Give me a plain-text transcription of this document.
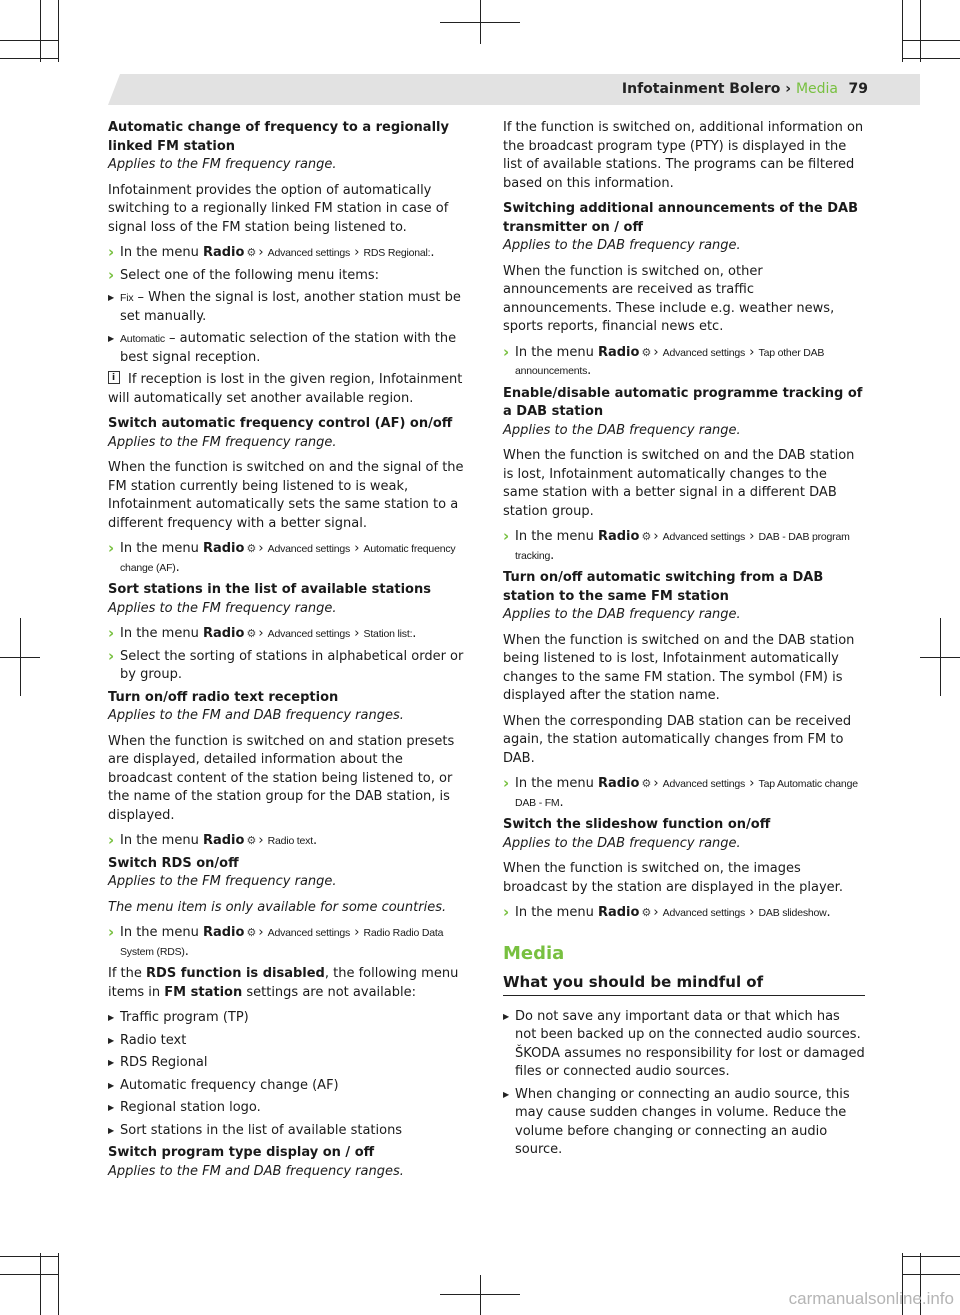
Infotainment Bolero › Media 79

Automatic change of frequency to a regionally linked FM station

Applies to the FM frequency range.

Infotainment provides the option of automatically switching to a regionally linked FM station in case of signal loss of the FM station being listened to.

› In the menu Radio ⚙ › Advanced settings › RDS Regional:.

› Select one of the following menu items:

▶ Fix – When the signal is lost, another station must be set manually.

▶ Automatic – automatic selection of the station with the best signal reception.

iIf reception is lost in the given region, Infotainment will automatically set another available region.

Switch automatic frequency control (AF) on/off

Applies to the FM frequency range.

When the function is switched on and the signal of the FM station currently being listened to is weak, Infotainment automatically sets the same station to a different frequency with a better signal.

› In the menu Radio ⚙ › Advanced settings › Automatic frequency change (AF).

Sort stations in the list of available stations

Applies to the FM frequency range.

› In the menu Radio ⚙ › Advanced settings › Station list:.

› Select the sorting of stations in alphabetical order or by group.

Turn on/off radio text reception

Applies to the FM and DAB frequency ranges.

When the function is switched on and station presets are displayed, detailed information about the broadcast content of the station being listened to, or the name of the station group for the DAB station, is displayed.

› In the menu Radio ⚙ › Radio text.

Switch RDS on/off

Applies to the FM frequency range.

The menu item is only available for some countries.

› In the menu Radio ⚙ › Advanced settings › Radio Radio Data System (RDS).

If the RDS function is disabled, the following menu items in FM station settings are not available:

▶ Traffic program (TP)

▶ Radio text

▶ RDS Regional

▶ Automatic frequency change (AF)

▶ Regional station logo.

▶ Sort stations in the list of available stations

Switch program type display on / off

Applies to the FM and DAB frequency ranges.

If the function is switched on, additional information on the broadcast program type (PTY) is displayed in the list of available stations. The programs can be filtered based on this information.

Switching additional announcements of the DAB transmitter on / off

Applies to the DAB frequency range.

When the function is switched on, other announcements are received as traffic announcements. These include e.g. weather news, sports reports, financial news etc.

› In the menu Radio ⚙ › Advanced settings › Tap other DAB announcements.

Enable/disable automatic programme tracking of a DAB station

Applies to the DAB frequency range.

When the function is switched on and the DAB station is lost, Infotainment automatically changes to the same station with a better signal in a different DAB station group.

› In the menu Radio ⚙ › Advanced settings › DAB - DAB program tracking.

Turn on/off automatic switching from a DAB station to the same FM station

Applies to the DAB frequency range.

When the function is switched on and the DAB station being listened to is lost, Infotainment automatically changes to the same FM station. The symbol (FM) is displayed after the station name.

When the corresponding DAB station can be received again, the station automatically changes from FM to DAB.

› In the menu Radio ⚙ › Advanced settings › Tap Automatic change DAB - FM.

Switch the slideshow function on/off

Applies to the DAB frequency range.

When the function is switched on, the images broadcast by the station are displayed in the player.

› In the menu Radio ⚙ › Advanced settings › DAB slideshow.

Media

What you should be mindful of

▶ Do not save any important data or that which has not been backed up on the connected audio sources. ŠKODA assumes no responsibility for lost or damaged files or connected audio sources.

▶ When changing or connecting an audio source, this may cause sudden changes in volume. Reduce the volume before changing or connecting an audio source.

carmanualsonline.info
